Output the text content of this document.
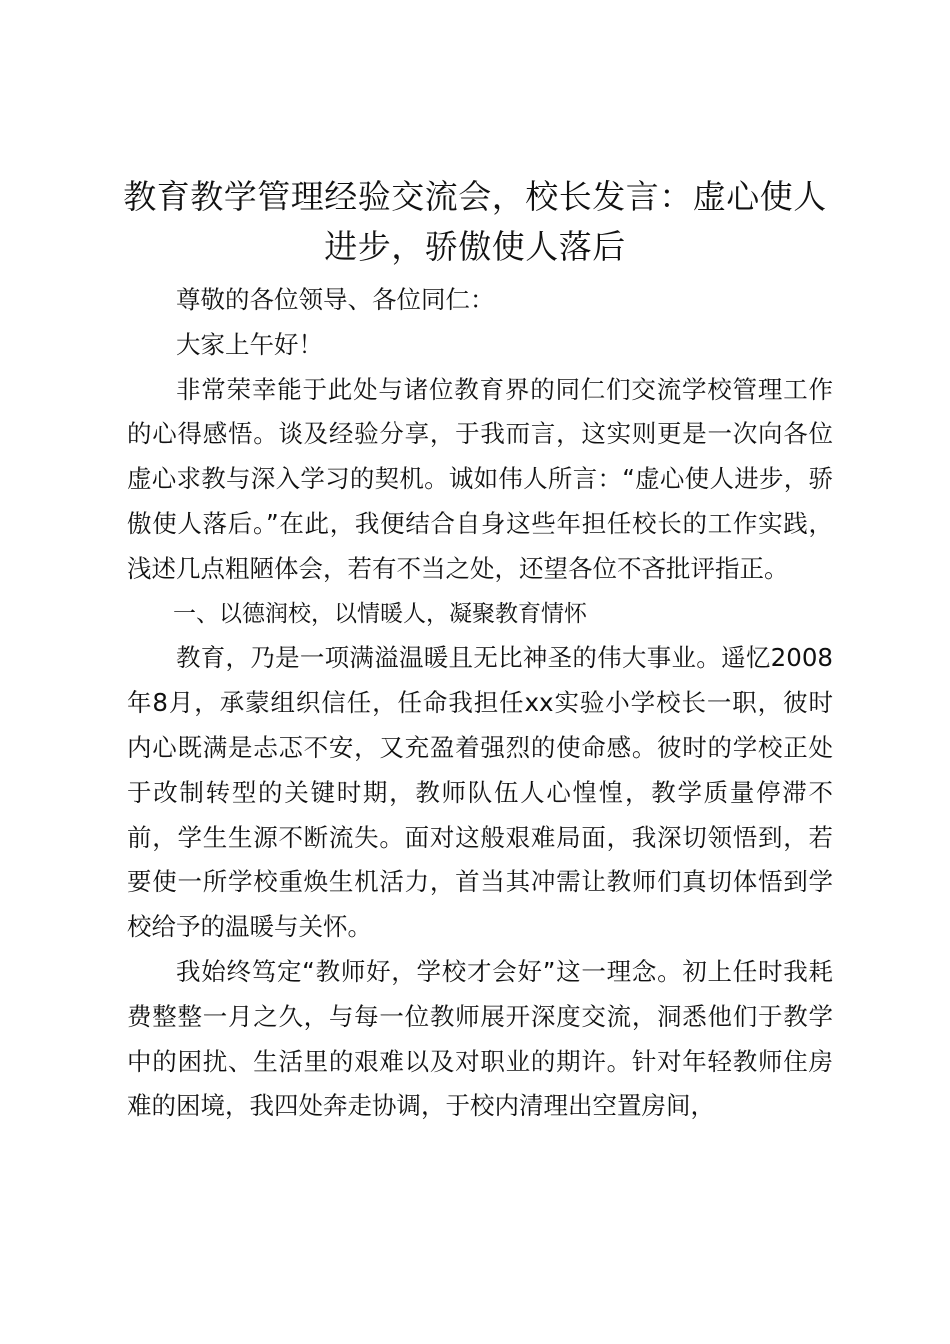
教育教学管理经验交流会，校长发言：虚心使人进步，骄傲使人落后

尊敬的各位领导、各位同仁：

大家上午好！

非常荣幸能于此处与诸位教育界的同仁们交流学校管理工作的心得感悟。谈及经验分享，于我而言，这实则更是一次向各位虚心求教与深入学习的契机。诚如伟人所言：“虚心使人进步，骄傲使人落后。”在此，我便结合自身这些年担任校长的工作实践，浅述几点粗陋体会，若有不当之处，还望各位不吝批评指正。

一、以德润校，以情暖人，凝聚教育情怀

教育，乃是一项满溢温暖且无比神圣的伟大事业。遥忆2008年8月，承蒙组织信任，任命我担任xx实验小学校长一职，彼时内心既满是忐忑不安，又充盈着强烈的使命感。彼时的学校正处于改制转型的关键时期，教师队伍人心惶惶，教学质量停滞不前，学生生源不断流失。面对这般艰难局面，我深切领悟到，若要使一所学校重焕生机活力，首当其冲需让教师们真切体悟到学校给予的温暖与关怀。

我始终笃定“教师好，学校才会好”这一理念。初上任时我耗费整整一月之久，与每一位教师展开深度交流，洞悉他们于教学中的困扰、生活里的艰难以及对职业的期许。针对年轻教师住房难的困境，我四处奔走协调，于校内清理出空置房间，
